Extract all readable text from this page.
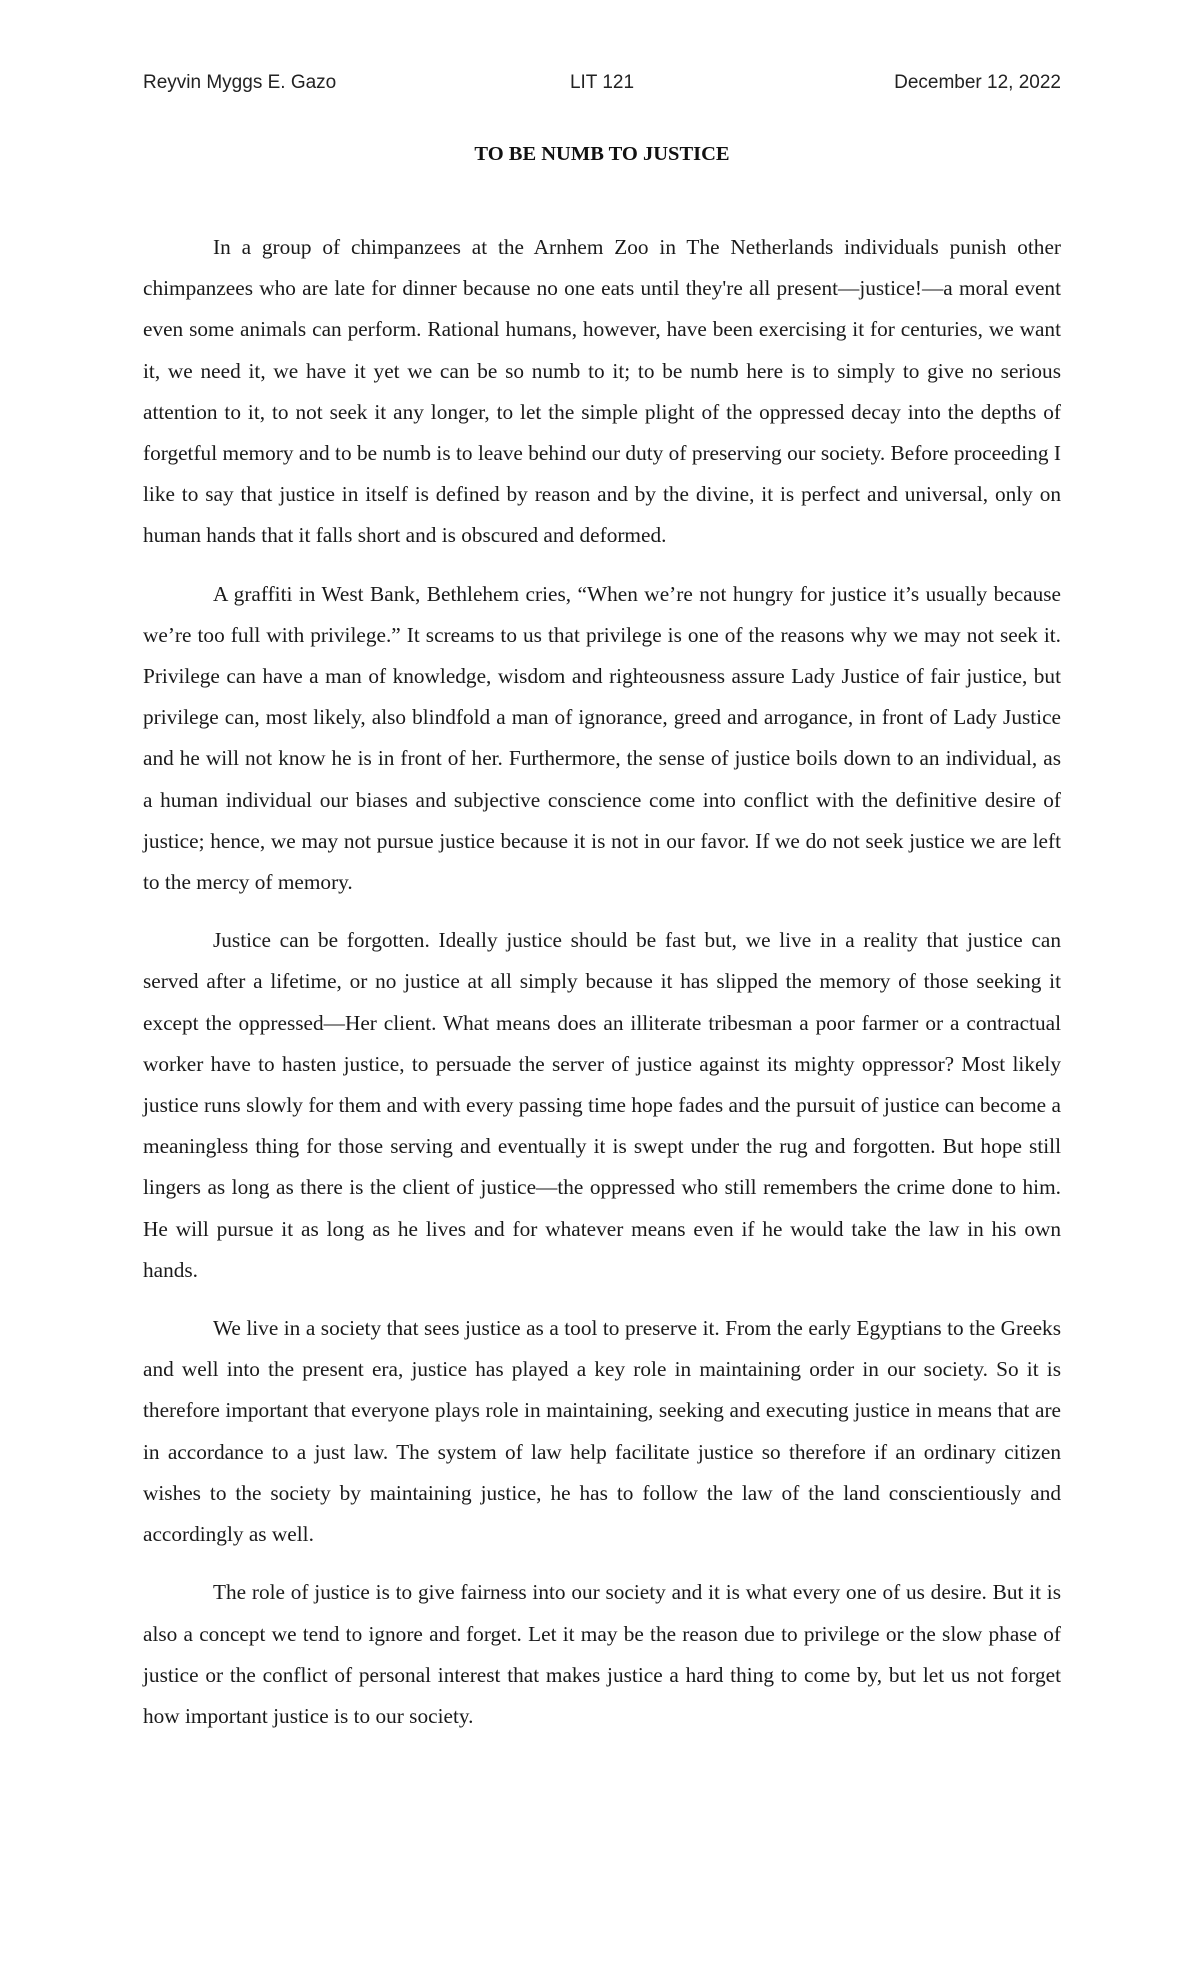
Reyvin Myggs E. Gazo	LIT 121	December 12, 2022
TO BE NUMB TO JUSTICE

In a group of chimpanzees at the Arnhem Zoo in The Netherlands individuals punish other chimpanzees who are late for dinner because no one eats until they're all present—justice!—a moral event even some animals can perform. Rational humans, however, have been exercising it for centuries, we want it, we need it, we have it yet we can be so numb to it; to be numb here is to simply to give no serious attention to it, to not seek it any longer, to let the simple plight of the oppressed decay into the depths of forgetful memory and to be numb is to leave behind our duty of preserving our society. Before proceeding I like to say that justice in itself is defined by reason and by the divine, it is perfect and universal, only on human hands that it falls short and is obscured and deformed.

A graffiti in West Bank, Bethlehem cries, “When we’re not hungry for justice it’s usually because we’re too full with privilege.” It screams to us that privilege is one of the reasons why we may not seek it. Privilege can have a man of knowledge, wisdom and righteousness assure Lady Justice of fair justice, but privilege can, most likely, also blindfold a man of ignorance, greed and arrogance, in front of Lady Justice and he will not know he is in front of her. Furthermore, the sense of justice boils down to an individual, as a human individual our biases and subjective conscience come into conflict with the definitive desire of justice; hence, we may not pursue justice because it is not in our favor. If we do not seek justice we are left to the mercy of memory.

Justice can be forgotten. Ideally justice should be fast but, we live in a reality that justice can served after a lifetime, or no justice at all simply because it has slipped the memory of those seeking it except the oppressed—Her client. What means does an illiterate tribesman a poor farmer or a contractual worker have to hasten justice, to persuade the server of justice against its mighty oppressor? Most likely justice runs slowly for them and with every passing time hope fades and the pursuit of justice can become a meaningless thing for those serving and eventually it is swept under the rug and forgotten. But hope still lingers as long as there is the client of justice—the oppressed who still remembers the crime done to him. He will pursue it as long as he lives and for whatever means even if he would take the law in his own hands.

We live in a society that sees justice as a tool to preserve it. From the early Egyptians to the Greeks and well into the present era, justice has played a key role in maintaining order in our society. So it is therefore important that everyone plays role in maintaining, seeking and executing justice in means that are in accordance to a just law. The system of law help facilitate justice so therefore if an ordinary citizen wishes to the society by maintaining justice, he has to follow the law of the land conscientiously and accordingly as well.

The role of justice is to give fairness into our society and it is what every one of us desire. But it is also a concept we tend to ignore and forget. Let it may be the reason due to privilege or the slow phase of justice or the conflict of personal interest that makes justice a hard thing to come by, but let us not forget how important justice is to our society.
